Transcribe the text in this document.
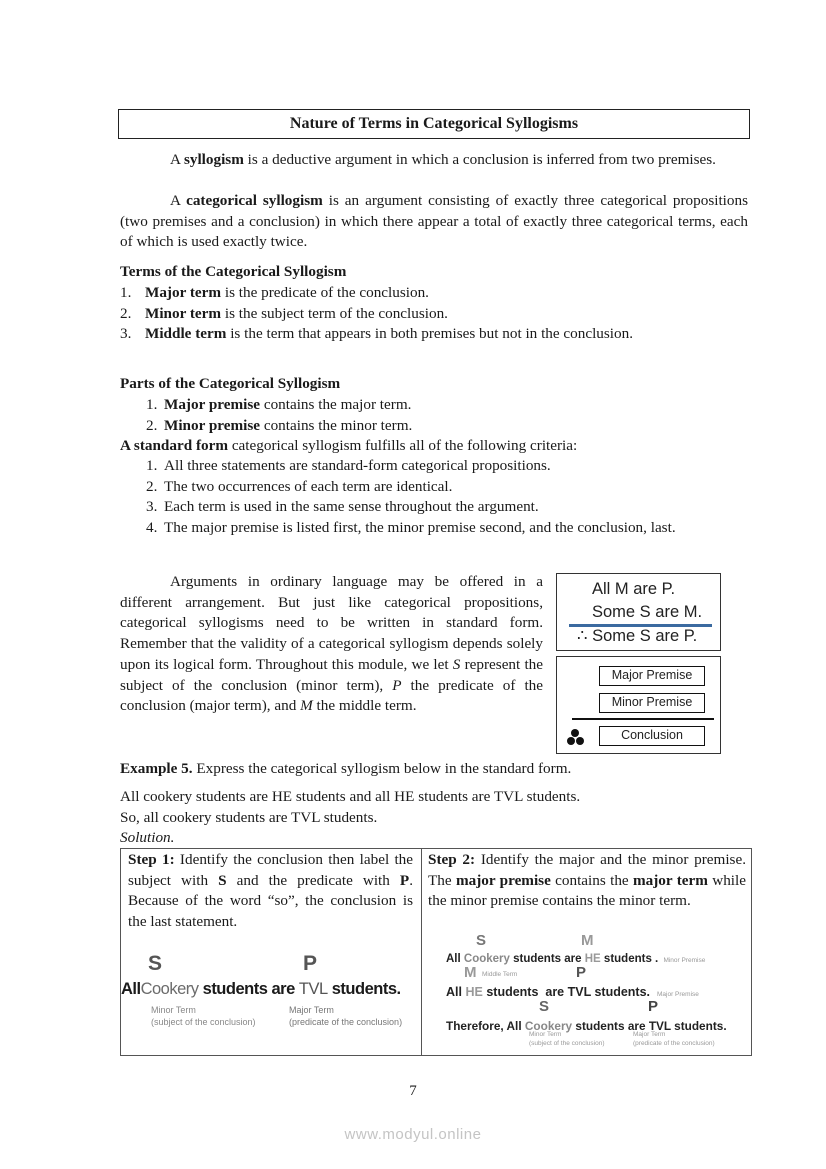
Nature of Terms in Categorical Syllogisms
A syllogism is a deductive argument in which a conclusion is inferred from two premises.
A categorical syllogism is an argument consisting of exactly three categorical propositions (two premises and a conclusion) in which there appear a total of exactly three categorical terms, each of which is used exactly twice.
Terms of the Categorical Syllogism
1. Major term is the predicate of the conclusion.
2. Minor term is the subject term of the conclusion.
3. Middle term is the term that appears in both premises but not in the conclusion.
Parts of the Categorical Syllogism
1. Major premise contains the major term.
2. Minor premise contains the minor term.
A standard form categorical syllogism fulfills all of the following criteria:
1. All three statements are standard-form categorical propositions.
2. The two occurrences of each term are identical.
3. Each term is used in the same sense throughout the argument.
4. The major premise is listed first, the minor premise second, and the conclusion, last.
Arguments in ordinary language may be offered in a different arrangement. But just like categorical propositions, categorical syllogisms need to be written in standard form. Remember that the validity of a categorical syllogism depends solely upon its logical form. Throughout this module, we let S represent the subject of the conclusion (minor term), P the predicate of the conclusion (major term), and M the middle term.
All M are P.
Some S are M.
∴ Some S are P.
Major Premise
Minor Premise
Conclusion
Example 5. Express the categorical syllogism below in the standard form.
All cookery students are HE students and all HE students are TVL students.
So, all cookery students are TVL students.
Solution.
Step 1: Identify the conclusion then label the subject with S and the predicate with P. Because of the word “so”, the conclusion is the last statement.
S	P
AllCookery students are TVL students.
Minor Term
(subject of the conclusion)
Major Term
(predicate of the conclusion)
Step 2: Identify the major and the minor premise. The major premise contains the major term while the minor premise contains the minor term.
S	M
All Cookery students are HE students . Minor Premise
M Middle Term	P
All HE students  are TVL students. Major Premise
S	P
Therefore, All Cookery students are TVL students.
Minor Term
(subject of the conclusion)
Major Term
(predicate of the conclusion)
7
www.modyul.online
